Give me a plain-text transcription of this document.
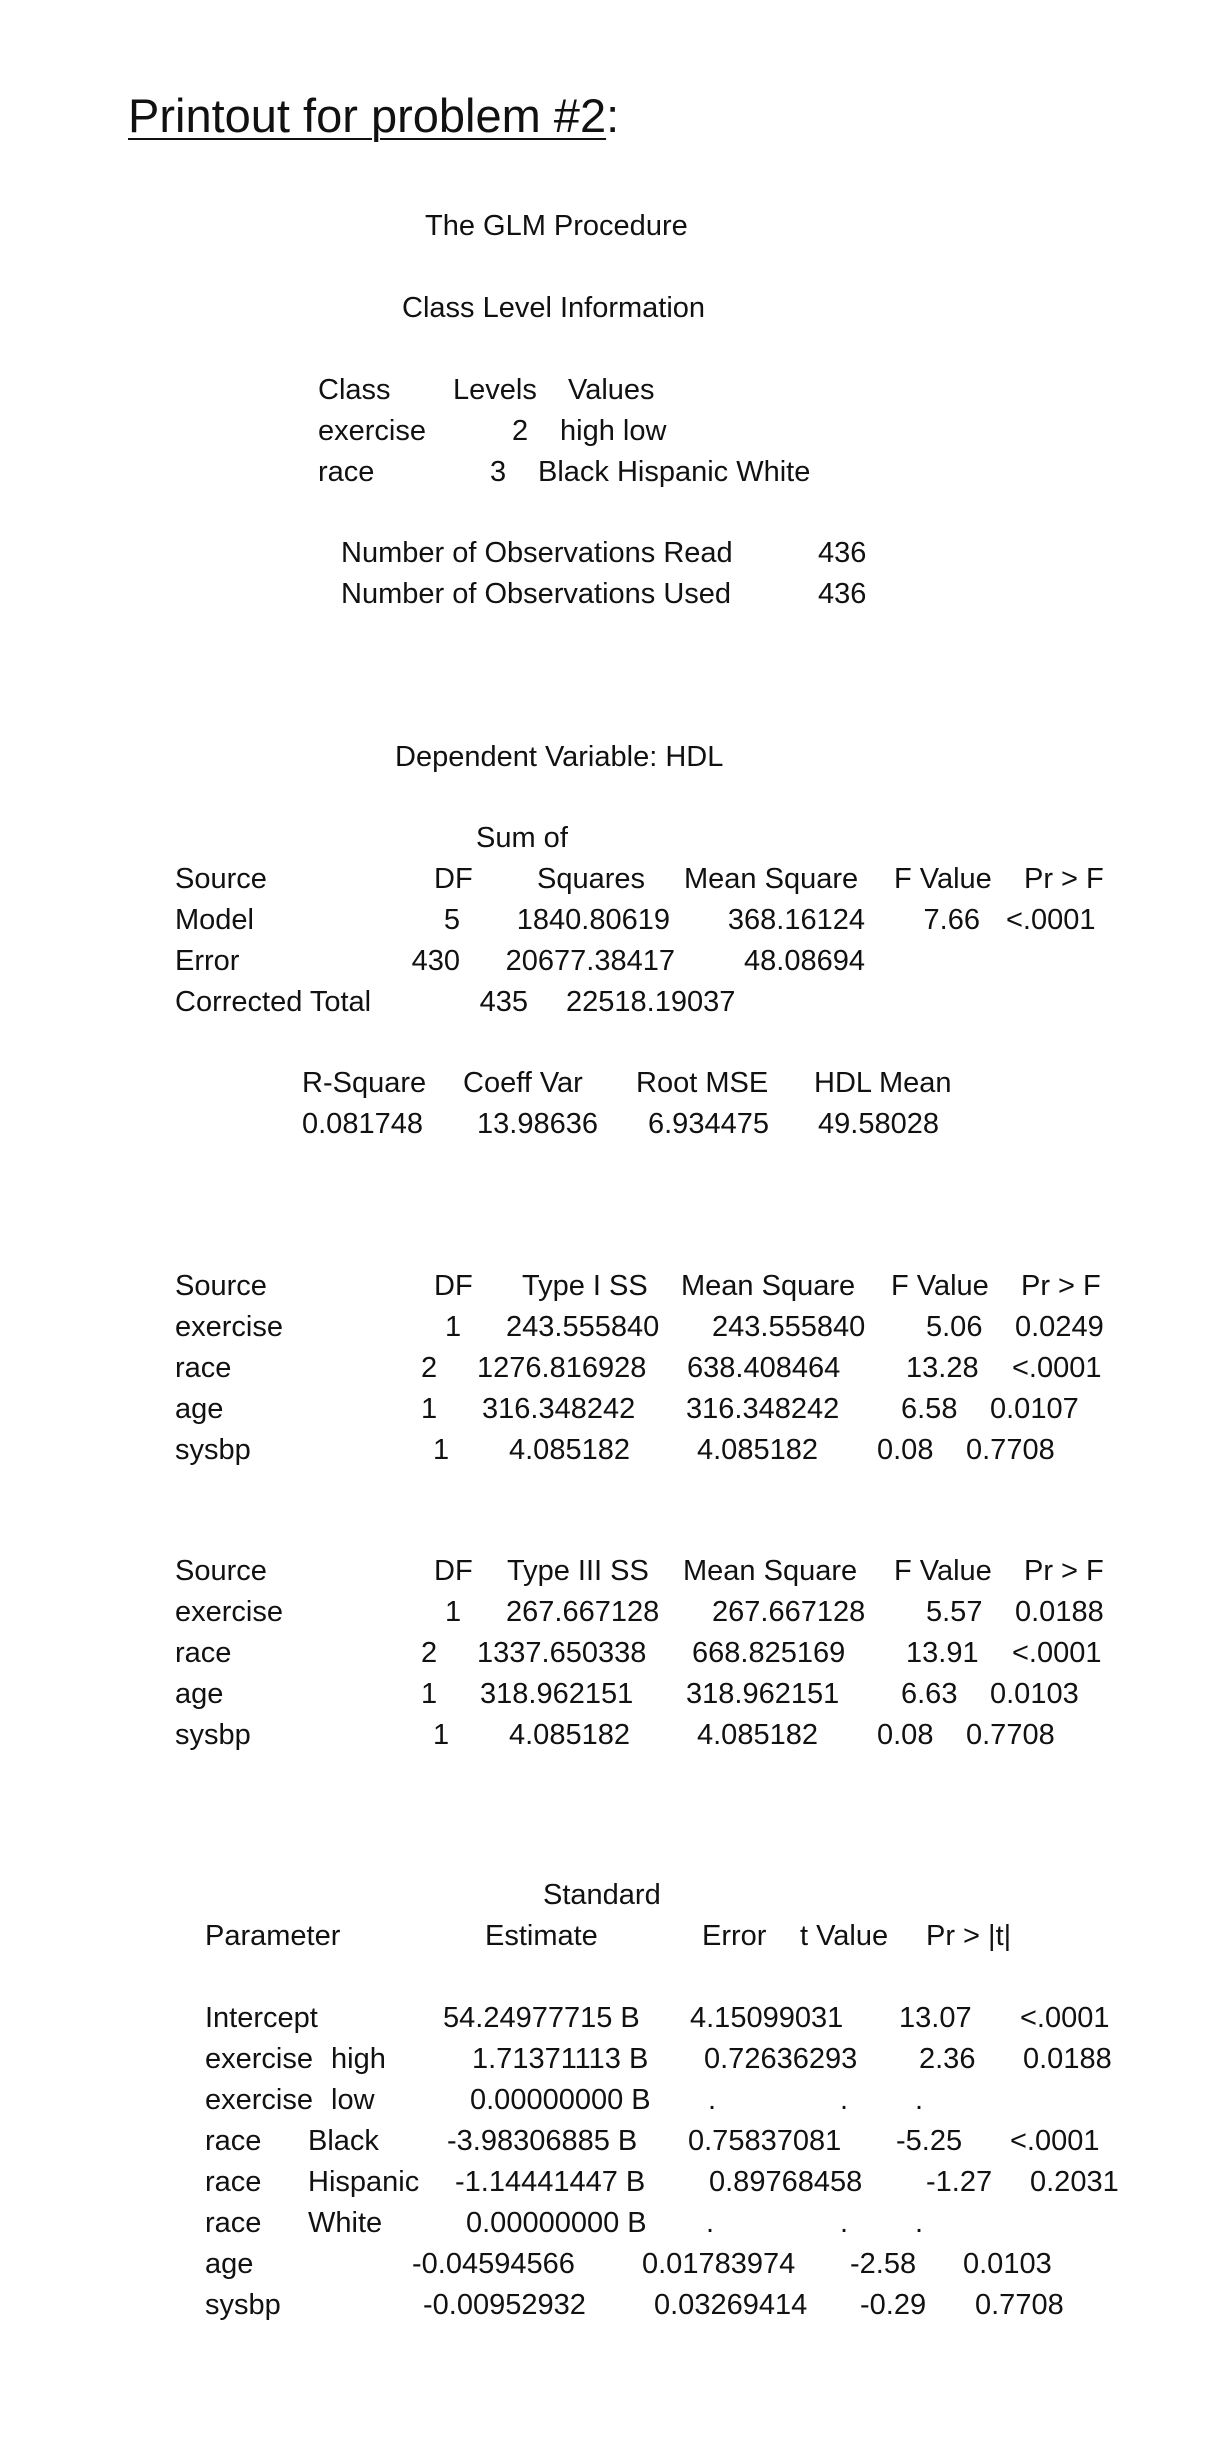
Printout for problem #2:
The GLM Procedure
Class Level Information
Class Levels Values
exercise	2 high low
race	3 Black Hispanic White
Number of Observations Read	436
Number of Observations Used	436
Dependent Variable: HDL
Sum of
Source	DF Squares Mean Square F Value Pr > F
Model	5	1840.80619	368.16124	7.66 <.0001
Error	430	20677.38417	48.08694
Corrected Total	435 22518.19037
R-Square Coeff Var Root MSE HDL Mean
0.081748 13.98636 6.934475 49.58028
Source	DF Type I SS Mean Square F Value Pr > F
exercise	1 243.555840 243.555840 5.06 0.0249
race	2 1276.816928 638.408464 13.28 <.0001
age	1 316.348242 316.348242 6.58 0.0107
sysbp	1 4.085182 4.085182 0.08 0.7708
Source	DF Type III SS Mean Square F Value Pr > F
exercise	1 267.667128 267.667128 5.57 0.0188
race	2 1337.650338 668.825169 13.91 <.0001
age	1 318.962151 318.962151 6.63 0.0103
sysbp	1 4.085182 4.085182 0.08 0.7708
Standard
Parameter	Estimate	Error t Value Pr > |t|
Intercept	54.24977715 B 4.15099031 13.07 <.0001
exercise high	1.71371113 B 0.72636293 2.36 0.0188
exercise low	0.00000000 B .	. .
race Black -3.98306885 B 0.75837081 -5.25 <.0001
race Hispanic -1.14441447 B 0.89768458 -1.27 0.2031
race White	0.00000000 B .	. .
age	-0.04594566 0.01783974 -2.58 0.0103
sysbp	-0.00952932 0.03269414 -0.29 0.7708
